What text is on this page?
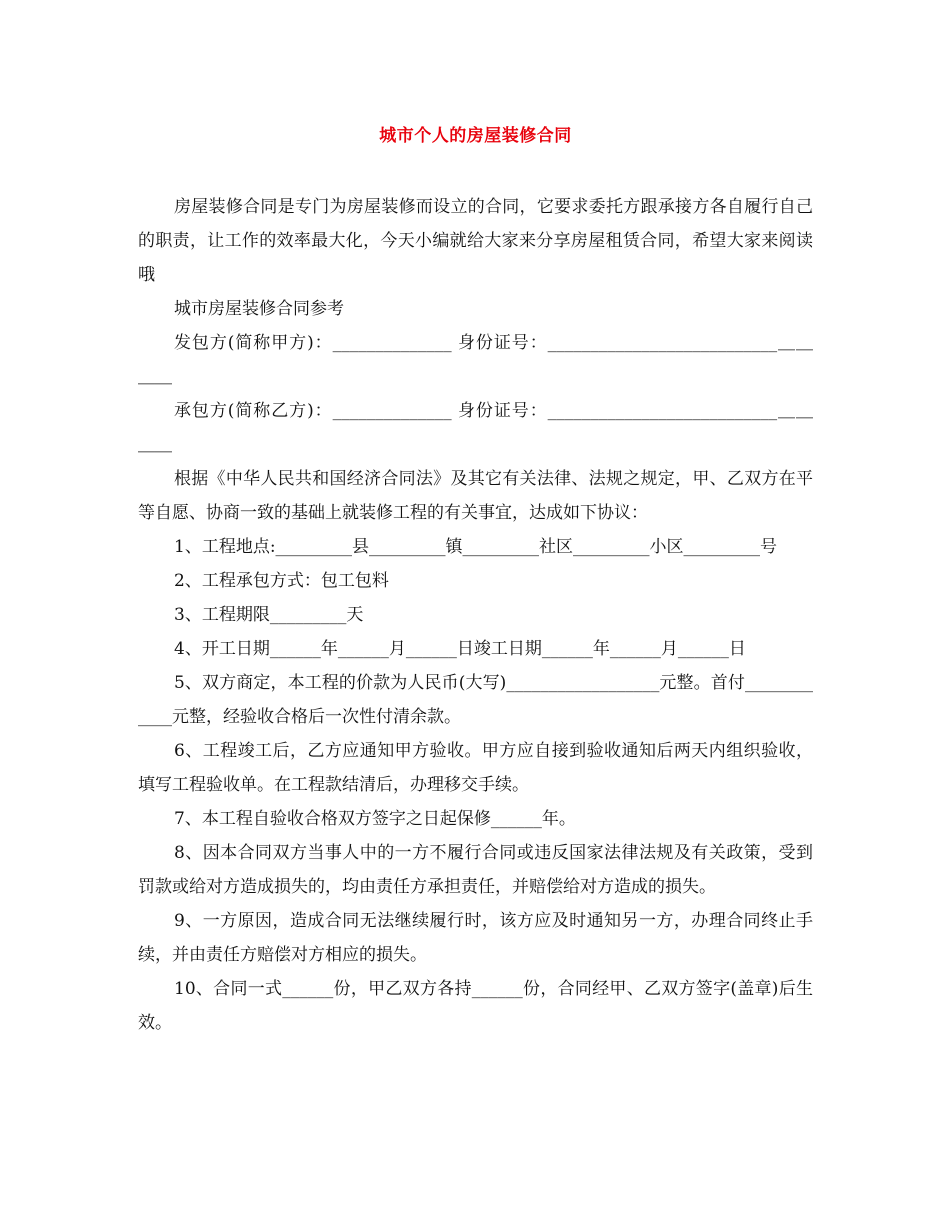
城市个人的房屋装修合同

房屋装修合同是专门为房屋装修而设立的合同，它要求委托方跟承接方各自履行自己的职责，让工作的效率最大化，今天小编就给大家来分享房屋租赁合同，希望大家来阅读哦

城市房屋装修合同参考

发包方(简称甲方)：______________ 身份证号：___________________________＿＿＿＿

承包方(简称乙方)：______________ 身份证号：___________________________＿＿＿＿

根据《中华人民共和国经济合同法》及其它有关法律、法规之规定，甲、乙双方在平等自愿、协商一致的基础上就装修工程的有关事宜，达成如下协议：

1、工程地点:_________县_________镇_________社区_________小区_________号

2、工程承包方式：包工包料

3、工程期限_________天

4、开工日期______年______月______日竣工日期______年______月______日

5、双方商定，本工程的价款为人民币(大写)__________________元整。首付____________元整，经验收合格后一次性付清余款。

6、工程竣工后，乙方应通知甲方验收。甲方应自接到验收通知后两天内组织验收，填写工程验收单。在工程款结清后，办理移交手续。

7、本工程自验收合格双方签字之日起保修______年。

8、因本合同双方当事人中的一方不履行合同或违反国家法律法规及有关政策，受到罚款或给对方造成损失的，均由责任方承担责任，并赔偿给对方造成的损失。

9、一方原因，造成合同无法继续履行时，该方应及时通知另一方，办理合同终止手续，并由责任方赔偿对方相应的损失。

10、合同一式______份，甲乙双方各持______份，合同经甲、乙双方签字(盖章)后生效。
